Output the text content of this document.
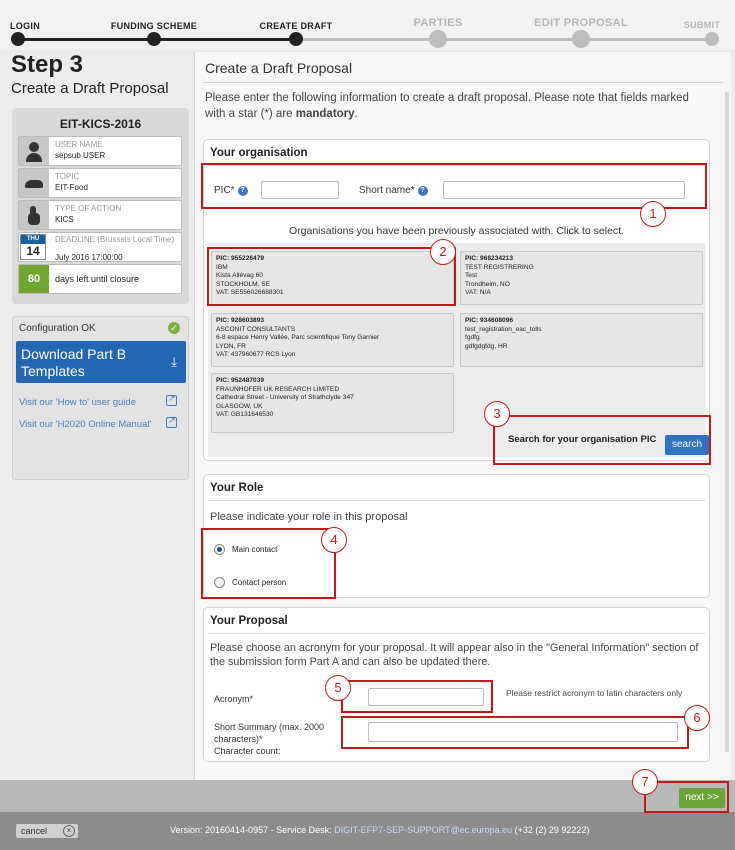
LOGIN	FUNDING SCHEME	CREATE DRAFT	PARTIES	EDIT PROPOSAL	SUBMIT
Step 3
Create a Draft Proposal
EIT-KICS-2016
USER NAME
sepsub USER
TOPIC
EIT-Food
TYPE OF ACTION
KICS
THU
14
DEADLINE (Brussels Local Time)
July 2016 17:00:00
80	days left until closure
Configuration OK	✓
Download Part B Templates
⤓
Visit our 'How to' user guide
↗
Visit our 'H2020 Online Manual'
↗
Create a Draft Proposal
Please enter the following information to create a draft proposal. Please note that fields marked with a star (*) are mandatory.
Your organisation
PIC* ?	Short name* ?
Organisations you have been previously associated with. Click to select.
PIC: 955226479
IBM
Kista Allévag 60
STOCKHOLM, SE
VAT: SE556026688301
PIC: 968234213
TEST REGISTRERING
Test
Trondheim, NO
VAT: N/A
PIC: 928603893
ASCONIT CONSULTANTS
6-8 espace Henry Vallée, Parc scientifique Tony Garnier
LYON, FR
VAT: 437960677 RCS Lyon
PIC: 934608096
test_registration_eac_tolls
fgdfg
gdfgdgfdg, HR
PIC: 952487039
FRAUNHOFER UK RESEARCH LIMITED
Cathedral Street - University of Strathclyde 347
GLASGOW, UK
VAT: GB131646530
Search for your organisation PIC	search
Your Role
Please indicate your role in this proposal
Main contact
Contact person
Your Proposal
Please choose an acronym for your proposal. It will appear also in the "General Information" section of the submission form Part A and can also be updated there.
Acronym*
Please restrict acronym to latin characters only
Short Summary (max. 2000 characters)*
Character count:
next >>
cancel	×	Version: 20160414-0957 - Service Desk: DIGIT-EFP7-SEP-SUPPORT@ec.europa.eu (+32 (2) 29 92222)
1
2
3
4
5
6
7
